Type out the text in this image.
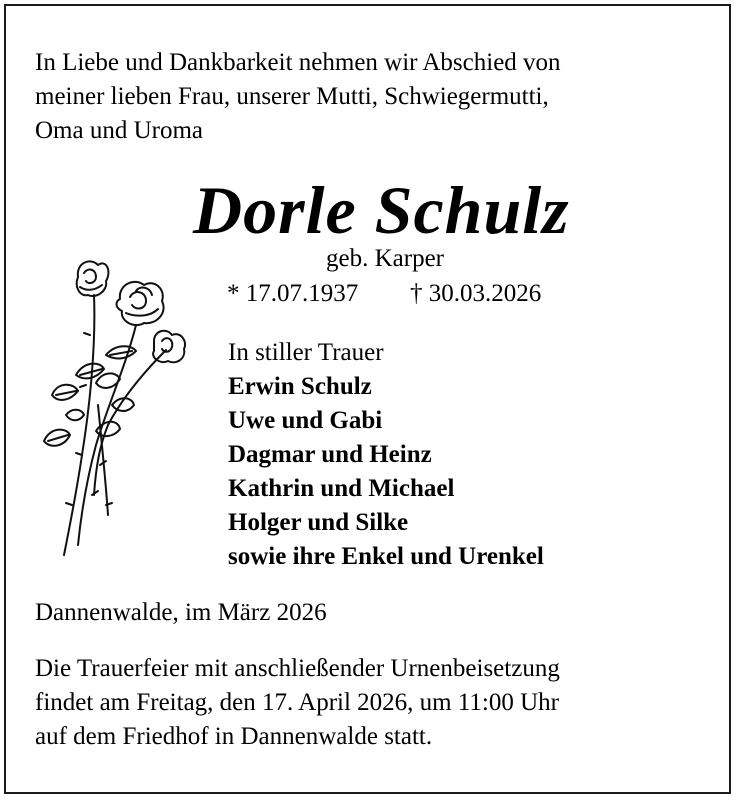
In Liebe und Dankbarkeit nehmen wir Abschied von
meiner lieben Frau, unserer Mutti, Schwiegermutti,
Oma und Uroma
Dorle Schulz
geb. Karper
* 17.07.1937 † 30.03.2026
In stiller Trauer
Erwin Schulz
Uwe und Gabi
Dagmar und Heinz
Kathrin und Michael
Holger und Silke
sowie ihre Enkel und Urenkel
Dannenwalde, im März 2026
Die Trauerfeier mit anschließender Urnenbeisetzung
findet am Freitag, den 17. April 2026, um 11:00 Uhr
auf dem Friedhof in Dannenwalde statt.
